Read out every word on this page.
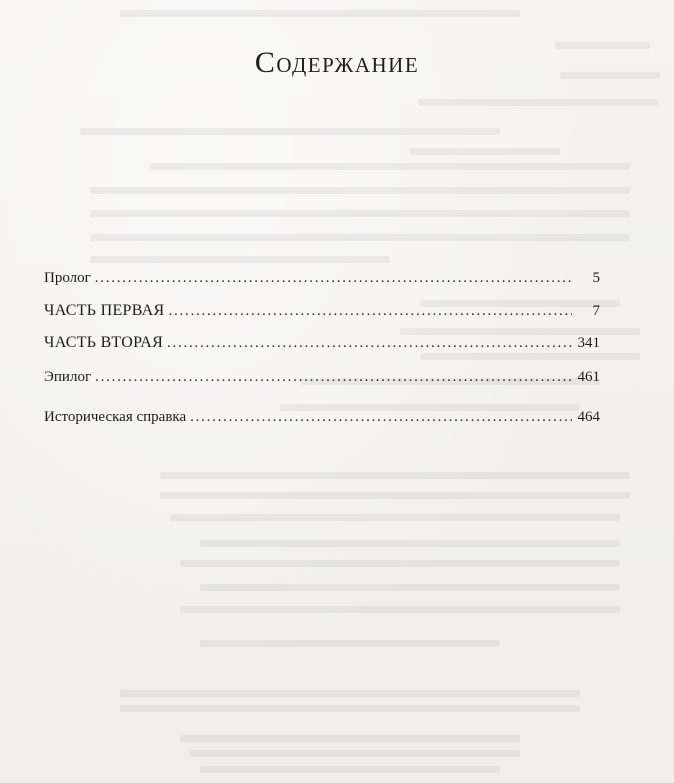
Содержание
Пролог . . .	5
ЧАСТЬ ПЕРВАЯ . . .	7
ЧАСТЬ ВТОРАЯ . . .	341
Эпилог . . .	461
Историческая справка . . .	464
